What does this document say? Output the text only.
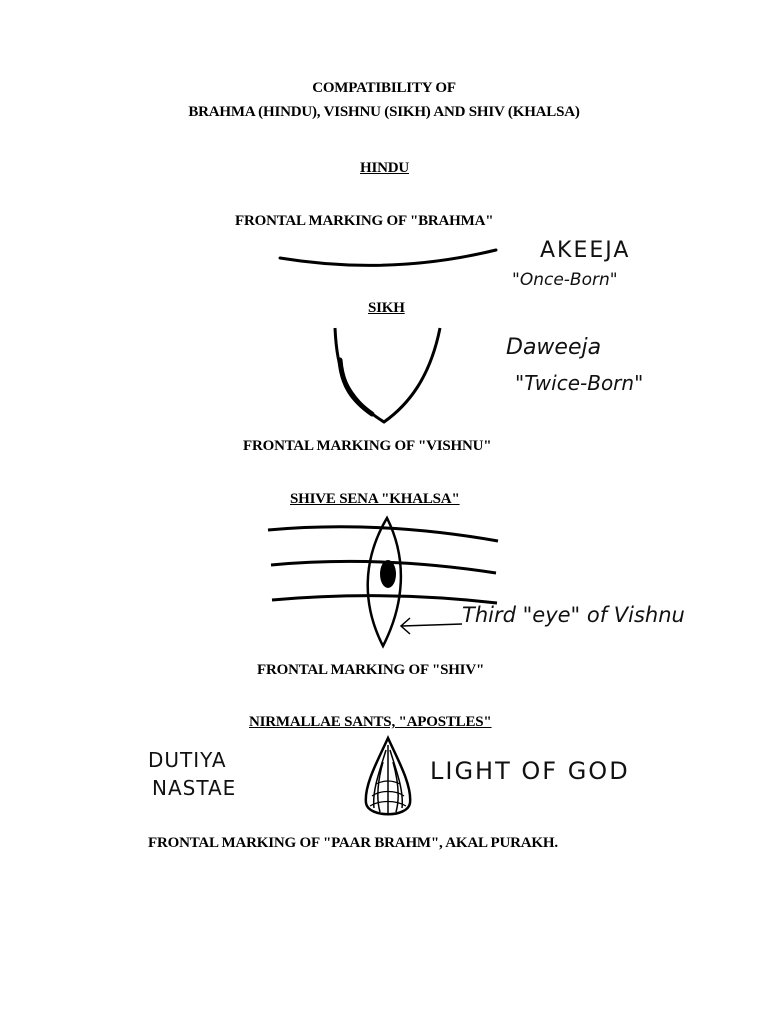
COMPATIBILITY OF
BRAHMA (HINDU), VISHNU (SIKH) AND SHIV (KHALSA)
HINDU
FRONTAL MARKING OF "BRAHMA"
SIKH
FRONTAL MARKING OF "VISHNU"
SHIVE SENA "KHALSA"
FRONTAL MARKING OF "SHIV"
NIRMALLAE SANTS, "APOSTLES"
FRONTAL MARKING OF "PAAR BRAHM", AKAL PURAKH.
AKEEJA
"Once-Born"
Daweeja
"Twice-Born"
Third "eye" of Vishnu
DUTIYA
NASTAE
LIGHT OF GOD
